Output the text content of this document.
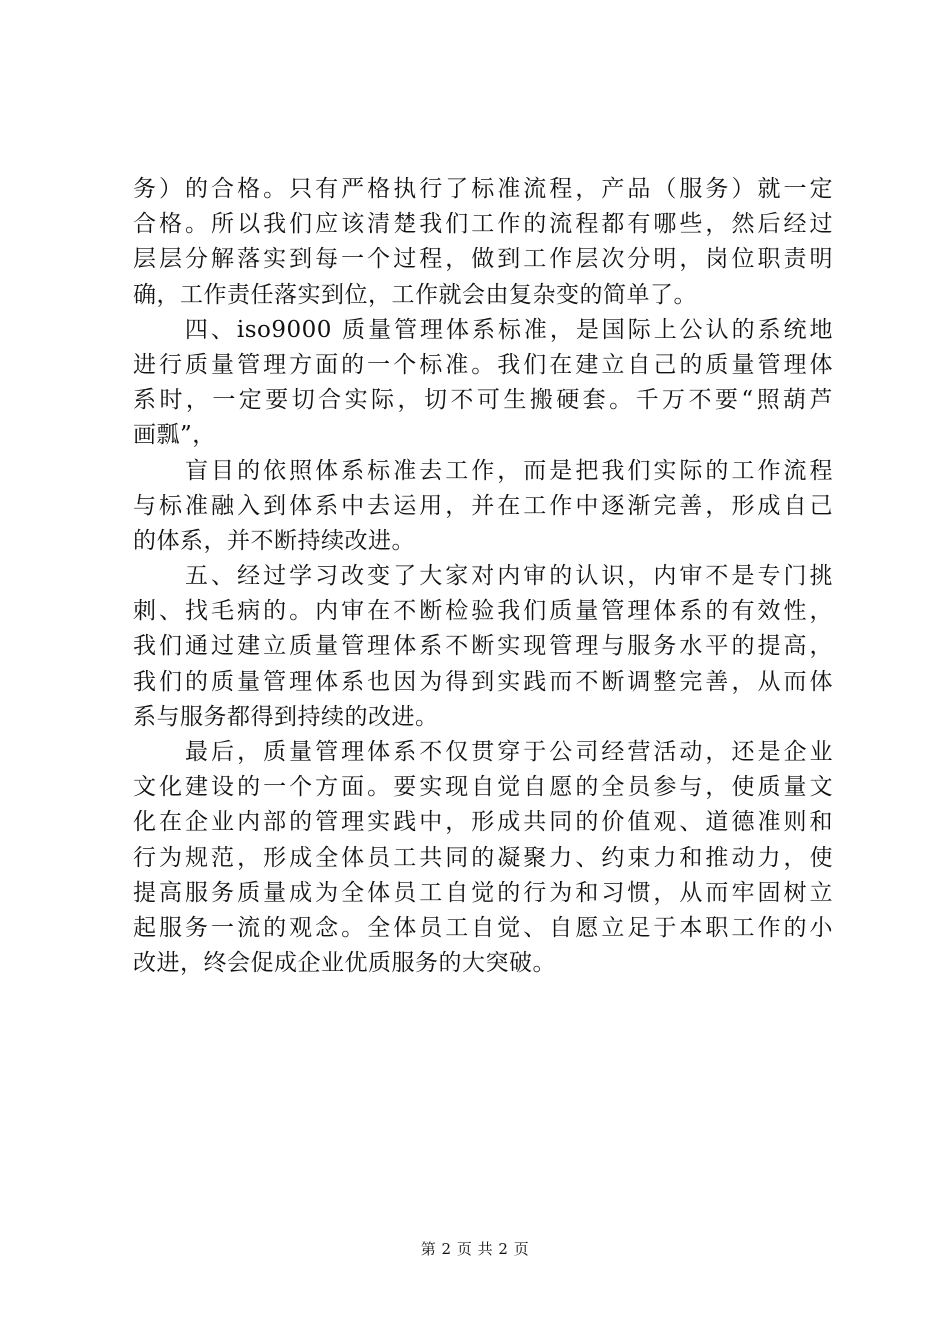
务）的合格。只有严格执行了标准流程，产品（服务）就一定
合格。所以我们应该清楚我们工作的流程都有哪些，然后经过
层层分解落实到每一个过程，做到工作层次分明，岗位职责明
确，工作责任落实到位，工作就会由复杂变的简单了。
　　四、iso9000 质量管理体系标准，是国际上公认的系统地
进行质量管理方面的一个标准。我们在建立自己的质量管理体
系时，一定要切合实际，切不可生搬硬套。千万不要“照葫芦
画瓢”，
　　盲目的依照体系标准去工作，而是把我们实际的工作流程
与标准融入到体系中去运用，并在工作中逐渐完善，形成自己
的体系，并不断持续改进。
　　五、经过学习改变了大家对内审的认识，内审不是专门挑
刺、找毛病的。内审在不断检验我们质量管理体系的有效性，
我们通过建立质量管理体系不断实现管理与服务水平的提高，
我们的质量管理体系也因为得到实践而不断调整完善，从而体
系与服务都得到持续的改进。
　　最后，质量管理体系不仅贯穿于公司经营活动，还是企业
文化建设的一个方面。要实现自觉自愿的全员参与，使质量文
化在企业内部的管理实践中，形成共同的价值观、道德准则和
行为规范，形成全体员工共同的凝聚力、约束力和推动力，使
提高服务质量成为全体员工自觉的行为和习惯，从而牢固树立
起服务一流的观念。全体员工自觉、自愿立足于本职工作的小
改进，终会促成企业优质服务的大突破。
第 2 页 共 2 页
